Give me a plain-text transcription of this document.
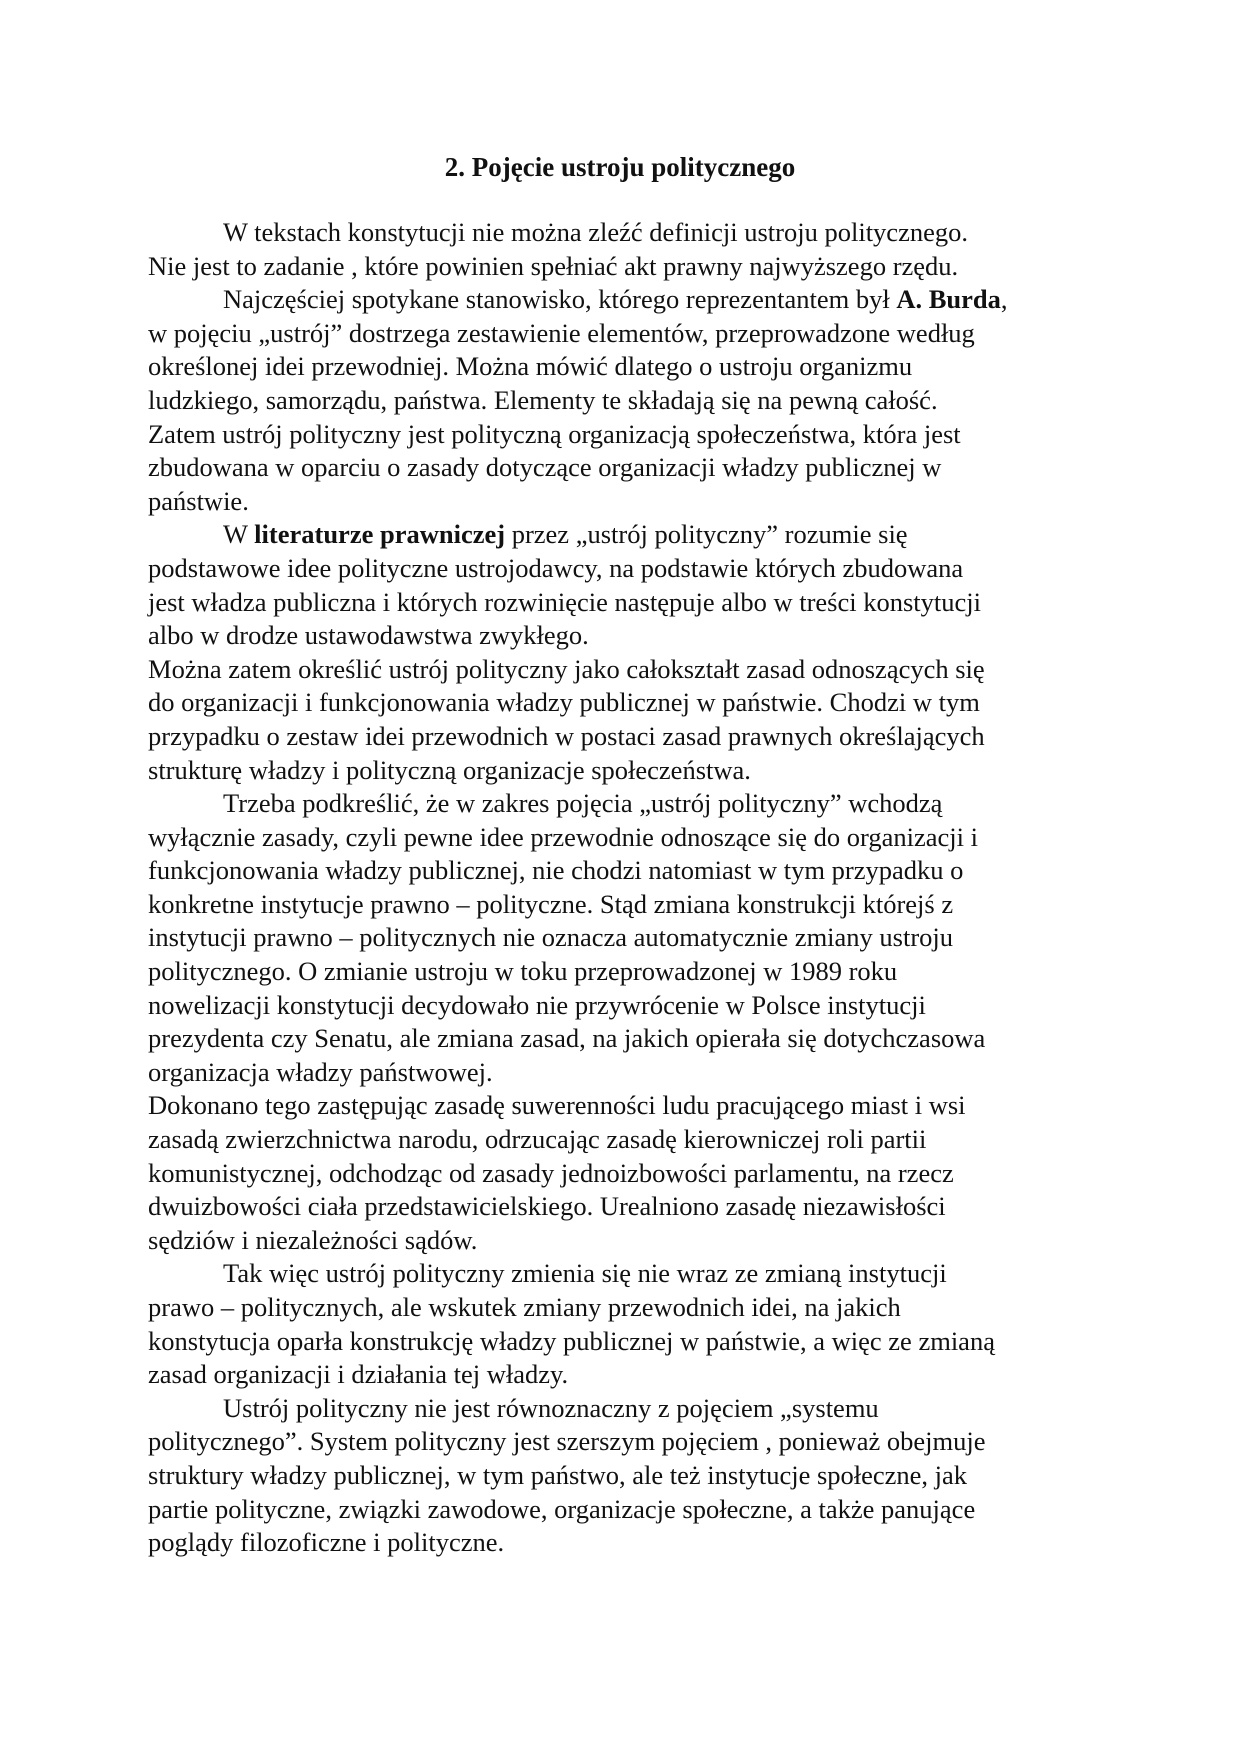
2. Pojęcie ustroju politycznego
W tekstach konstytucji nie można zleźć definicji ustroju politycznego.
Nie jest to zadanie , które powinien spełniać akt prawny najwyższego rzędu.
Najczęściej spotykane stanowisko, którego reprezentantem był A. Burda,
w pojęciu „ustrój” dostrzega zestawienie elementów, przeprowadzone według
określonej idei przewodniej. Można mówić dlatego o ustroju organizmu
ludzkiego, samorządu, państwa. Elementy te składają się na pewną całość.
Zatem ustrój polityczny jest polityczną organizacją społeczeństwa, która jest
zbudowana w oparciu o zasady dotyczące organizacji władzy publicznej w
państwie.
W literaturze prawniczej przez „ustrój polityczny” rozumie się
podstawowe idee polityczne ustrojodawcy, na podstawie których zbudowana
jest władza publiczna i których rozwinięcie następuje albo w treści konstytucji
albo w drodze ustawodawstwa zwykłego.
Można zatem określić ustrój polityczny jako całokształt zasad odnoszących się
do organizacji i funkcjonowania władzy publicznej w państwie. Chodzi w tym
przypadku o zestaw idei przewodnich w postaci zasad prawnych określających
strukturę władzy i polityczną organizacje społeczeństwa.
Trzeba podkreślić, że w zakres pojęcia „ustrój polityczny” wchodzą
wyłącznie zasady, czyli pewne idee przewodnie odnoszące się do organizacji i
funkcjonowania władzy publicznej, nie chodzi natomiast w tym przypadku o
konkretne instytucje prawno – polityczne. Stąd zmiana konstrukcji którejś z
instytucji prawno – politycznych nie oznacza automatycznie zmiany ustroju
politycznego. O zmianie ustroju w toku przeprowadzonej w 1989 roku
nowelizacji konstytucji decydowało nie przywrócenie w Polsce instytucji
prezydenta czy Senatu, ale zmiana zasad, na jakich opierała się dotychczasowa
organizacja władzy państwowej.
Dokonano tego zastępując zasadę suwerenności ludu pracującego miast i wsi
zasadą zwierzchnictwa narodu, odrzucając zasadę kierowniczej roli partii
komunistycznej, odchodząc od zasady jednoizbowości parlamentu, na rzecz
dwuizbowości ciała przedstawicielskiego. Urealniono zasadę niezawisłości
sędziów i niezależności sądów.
Tak więc ustrój polityczny zmienia się nie wraz ze zmianą instytucji
prawo – politycznych, ale wskutek zmiany przewodnich idei, na jakich
konstytucja oparła konstrukcję władzy publicznej w państwie, a więc ze zmianą
zasad organizacji i działania tej władzy.
Ustrój polityczny nie jest równoznaczny z pojęciem „systemu
politycznego”. System polityczny jest szerszym pojęciem , ponieważ obejmuje
struktury władzy publicznej, w tym państwo, ale też instytucje społeczne, jak
partie polityczne, związki zawodowe, organizacje społeczne, a także panujące
poglądy filozoficzne i polityczne.
